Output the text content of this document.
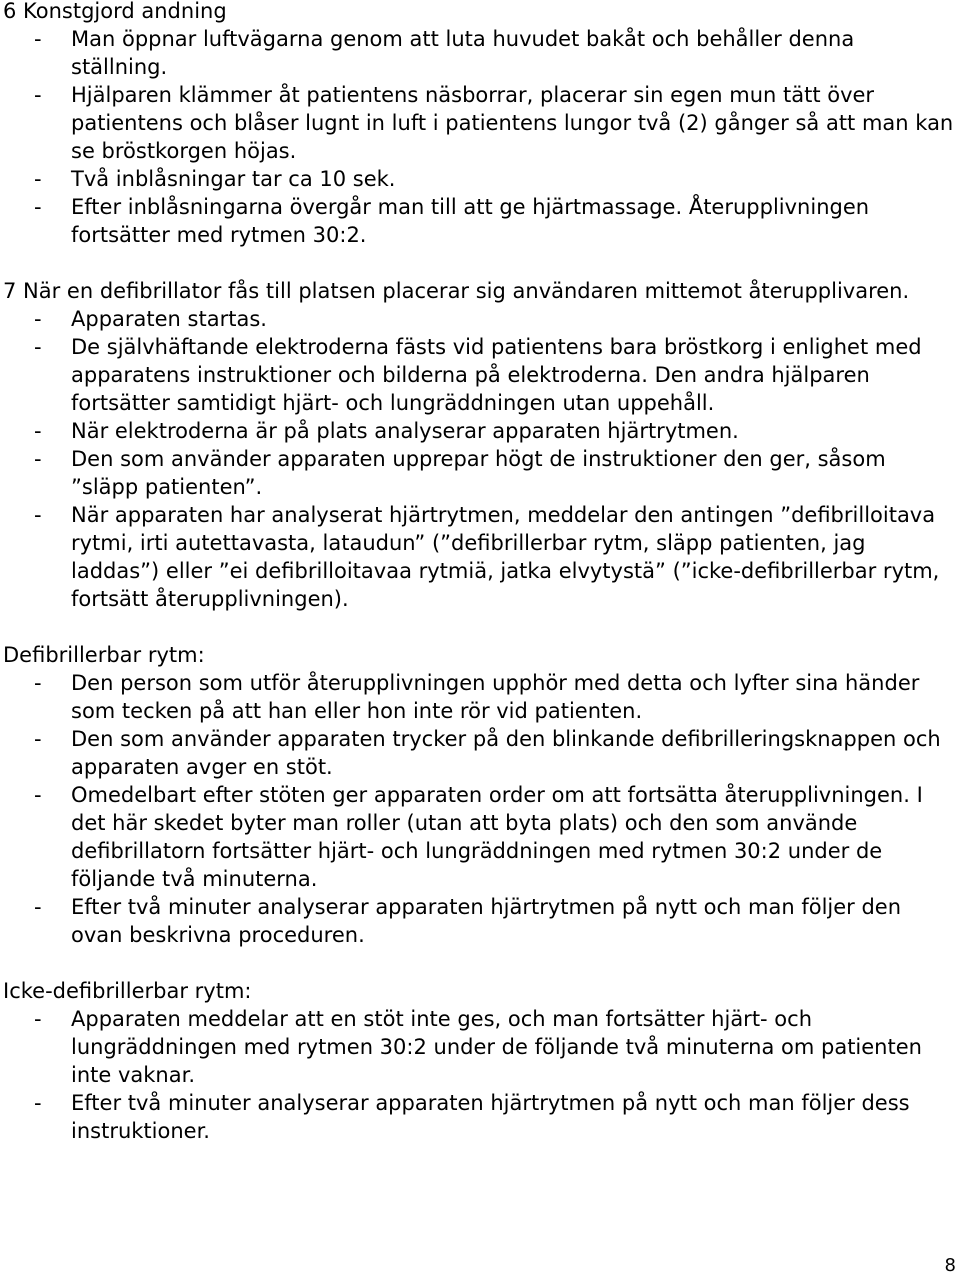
6 Konstgjord andning

- Man öppnar luftvägarna genom att luta huvudet bakåt och behåller denna ställning.
- Hjälparen klämmer åt patientens näsborrar, placerar sin egen mun tätt över patientens och blåser lugnt in luft i patientens lungor två (2) gånger så att man kan se bröstkorgen höjas.
- Två inblåsningar tar ca 10 sek.
- Efter inblåsningarna övergår man till att ge hjärtmassage. Återupplivningen fortsätter med rytmen 30:2.

7 När en defibrillator fås till platsen placerar sig användaren mittemot återupplivaren.

- Apparaten startas.
- De självhäftande elektroderna fästs vid patientens bara bröstkorg i enlighet med apparatens instruktioner och bilderna på elektroderna. Den andra hjälparen fortsätter samtidigt hjärt- och lungräddningen utan uppehåll.
- När elektroderna är på plats analyserar apparaten hjärtrytmen.
- Den som använder apparaten upprepar högt de instruktioner den ger, såsom ”släpp patienten”.
- När apparaten har analyserat hjärtrytmen, meddelar den antingen ”defibrilloitava rytmi, irti autettavasta, lataudun” (”defibrillerbar rytm, släpp patienten, jag laddas”) eller ”ei defibrilloitavaa rytmiä, jatka elvytystä” (”icke-defibrillerbar rytm, fortsätt återupplivningen).

Defibrillerbar rytm:

- Den person som utför återupplivningen upphör med detta och lyfter sina händer som tecken på att han eller hon inte rör vid patienten.
- Den som använder apparaten trycker på den blinkande defibrilleringsknappen och apparaten avger en stöt.
- Omedelbart efter stöten ger apparaten order om att fortsätta återupplivningen. I det här skedet byter man roller (utan att byta plats) och den som använde defibrillatorn fortsätter hjärt- och lungräddningen med rytmen 30:2 under de följande två minuterna.
- Efter två minuter analyserar apparaten hjärtrytmen på nytt och man följer den ovan beskrivna proceduren.

Icke-defibrillerbar rytm:

- Apparaten meddelar att en stöt inte ges, och man fortsätter hjärt- och lungräddningen med rytmen 30:2 under de följande två minuterna om patienten inte vaknar.
- Efter två minuter analyserar apparaten hjärtrytmen på nytt och man följer dess instruktioner.
8
